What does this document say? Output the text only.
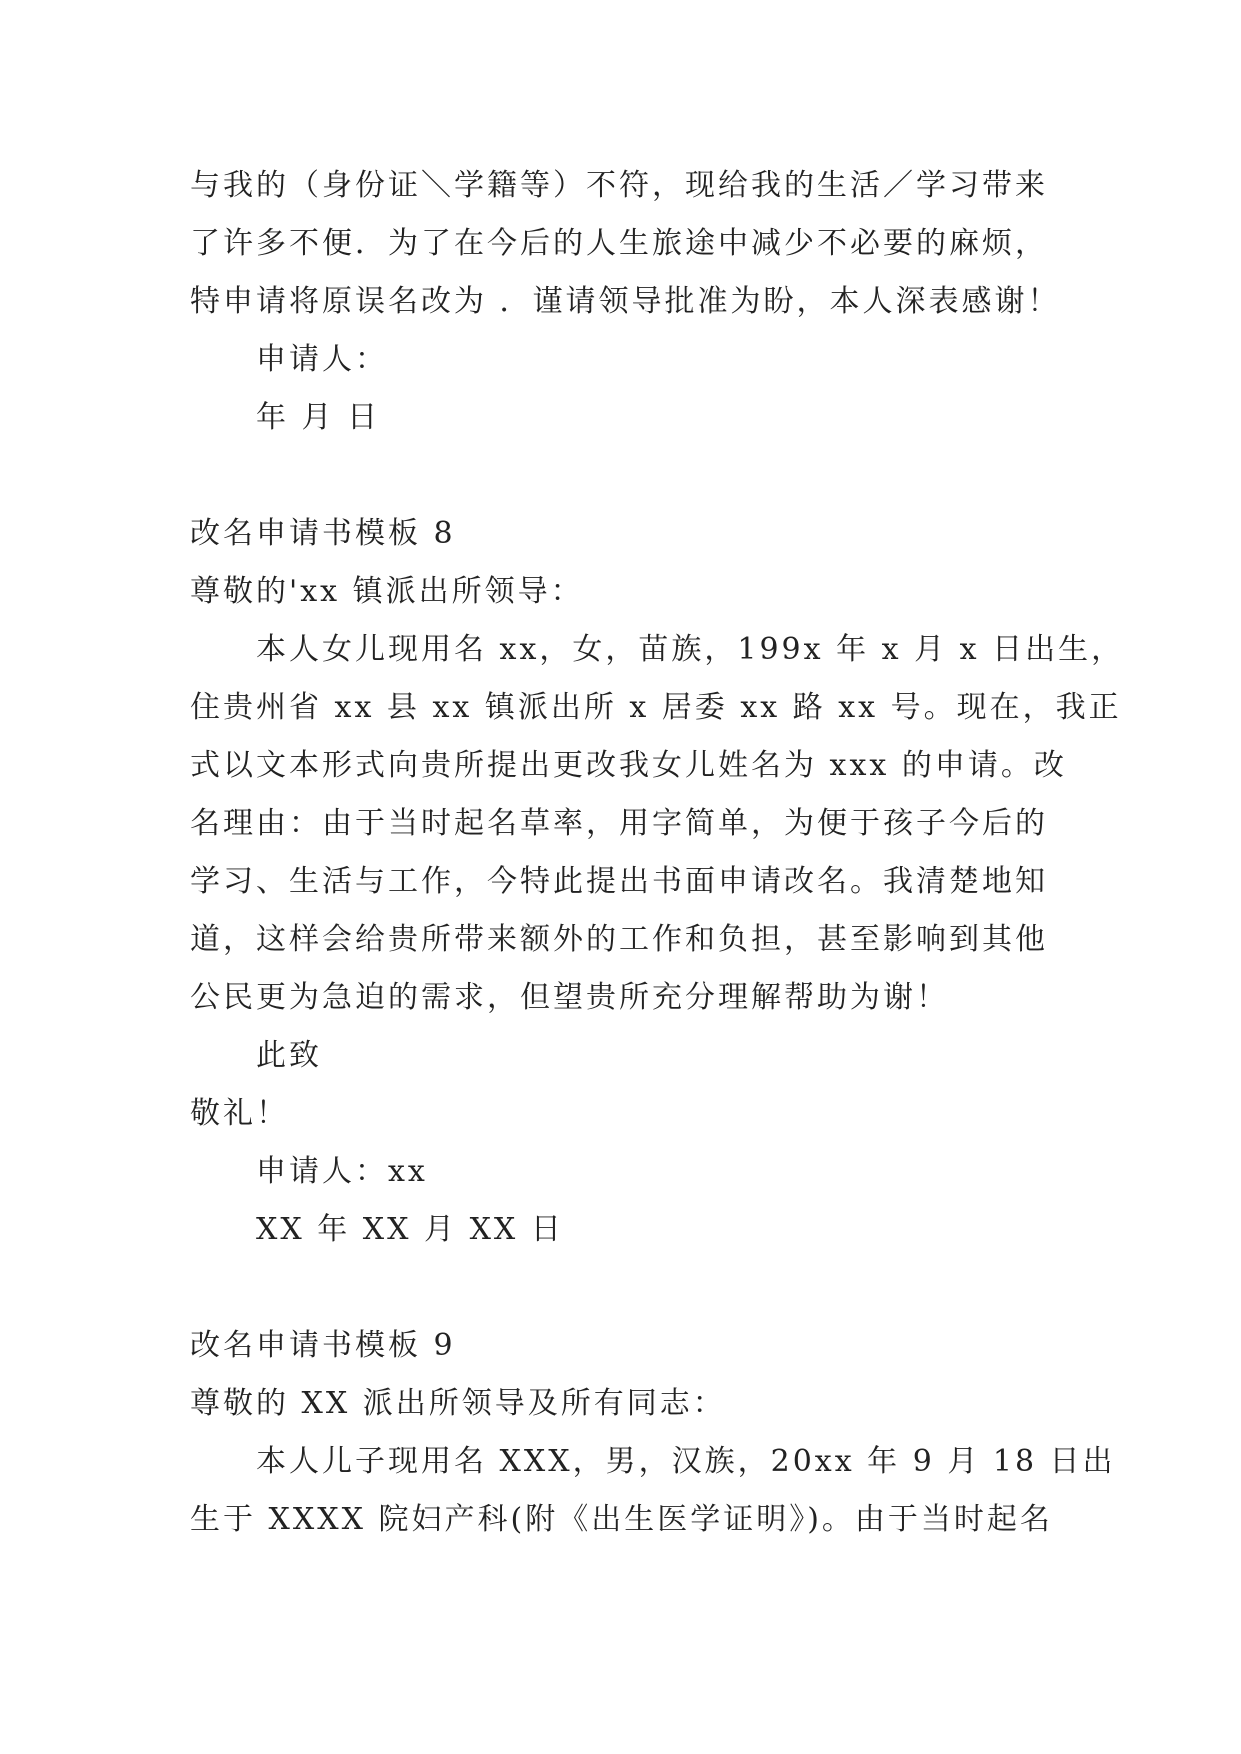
与我的（身份证＼学籍等）不符，现给我的生活／学习带来
了许多不便．为了在今后的人生旅途中减少不必要的麻烦，
特申请将原误名改为 ．谨请领导批准为盼，本人深表感谢！
申请人：
年 月 日
改名申请书模板 8
尊敬的'xx 镇派出所领导：
本人女儿现用名 xx，女，苗族，199x 年 x 月 x 日出生，
住贵州省 xx 县 xx 镇派出所 x 居委 xx 路 xx 号。现在，我正
式以文本形式向贵所提出更改我女儿姓名为 xxx 的申请。改
名理由：由于当时起名草率，用字简单，为便于孩子今后的
学习、生活与工作，今特此提出书面申请改名。我清楚地知
道，这样会给贵所带来额外的工作和负担，甚至影响到其他
公民更为急迫的需求，但望贵所充分理解帮助为谢！
此致
敬礼！
申请人：xx
XX 年 XX 月 XX 日
改名申请书模板 9
尊敬的 XX 派出所领导及所有同志：
本人儿子现用名 XXX，男，汉族，20xx 年 9 月 18 日出
生于 XXXX 院妇产科(附《出生医学证明》)。由于当时起名
